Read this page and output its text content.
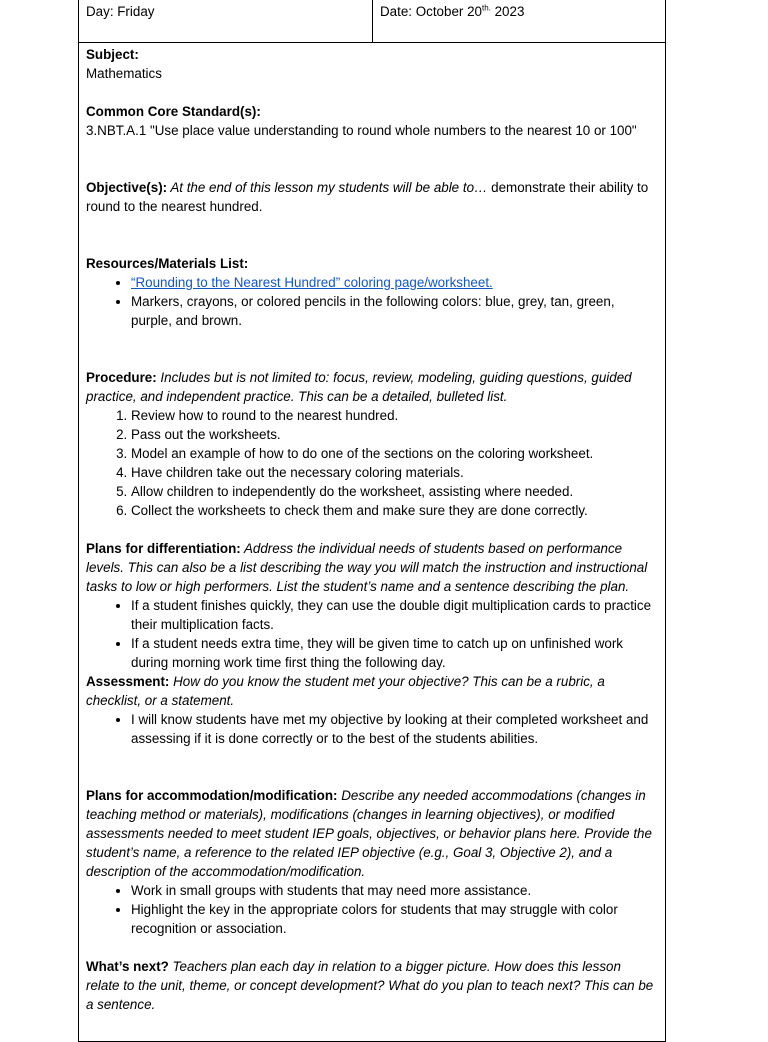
Day: Friday	Date: October $20^{th.}$ 2023

Subject:

Mathematics

Common Core Standard(s):

3.NBT.A.1 "Use place value understanding to round whole numbers to the nearest 10 or 100"

Objective(s): At the end of this lesson my students will be able to… demonstrate their ability to round to the nearest hundred.

Resources/Materials List:

• “Rounding to the Nearest Hundred” coloring page/worksheet.
• Markers, crayons, or colored pencils in the following colors: blue, grey, tan, green, purple, and brown.

Procedure: Includes but is not limited to: focus, review, modeling, guiding questions, guided practice, and independent practice. This can be a detailed, bulleted list.

1. Review how to round to the nearest hundred.
2. Pass out the worksheets.
3. Model an example of how to do one of the sections on the coloring worksheet.
4. Have children take out the necessary coloring materials.
5. Allow children to independently do the worksheet, assisting where needed.
6. Collect the worksheets to check them and make sure they are done correctly.

Plans for differentiation: Address the individual needs of students based on performance levels. This can also be a list describing the way you will match the instruction and instructional tasks to low or high performers. List the student’s name and a sentence describing the plan.

• If a student finishes quickly, they can use the double digit multiplication cards to practice their multiplication facts.
• If a student needs extra time, they will be given time to catch up on unfinished work during morning work time first thing the following day.

Assessment: How do you know the student met your objective? This can be a rubric, a checklist, or a statement.

• I will know students have met my objective by looking at their completed worksheet and assessing if it is done correctly or to the best of the students abilities.

Plans for accommodation/modification: Describe any needed accommodations (changes in teaching method or materials), modifications (changes in learning objectives), or modified assessments needed to meet student IEP goals, objectives, or behavior plans here. Provide the student’s name, a reference to the related IEP objective (e.g., Goal 3, Objective 2), and a description of the accommodation/modification.

• Work in small groups with students that may need more assistance.
• Highlight the key in the appropriate colors for students that may struggle with color recognition or association.

What’s next? Teachers plan each day in relation to a bigger picture. How does this lesson relate to the unit, theme, or concept development? What do you plan to teach next? This can be a sentence.
